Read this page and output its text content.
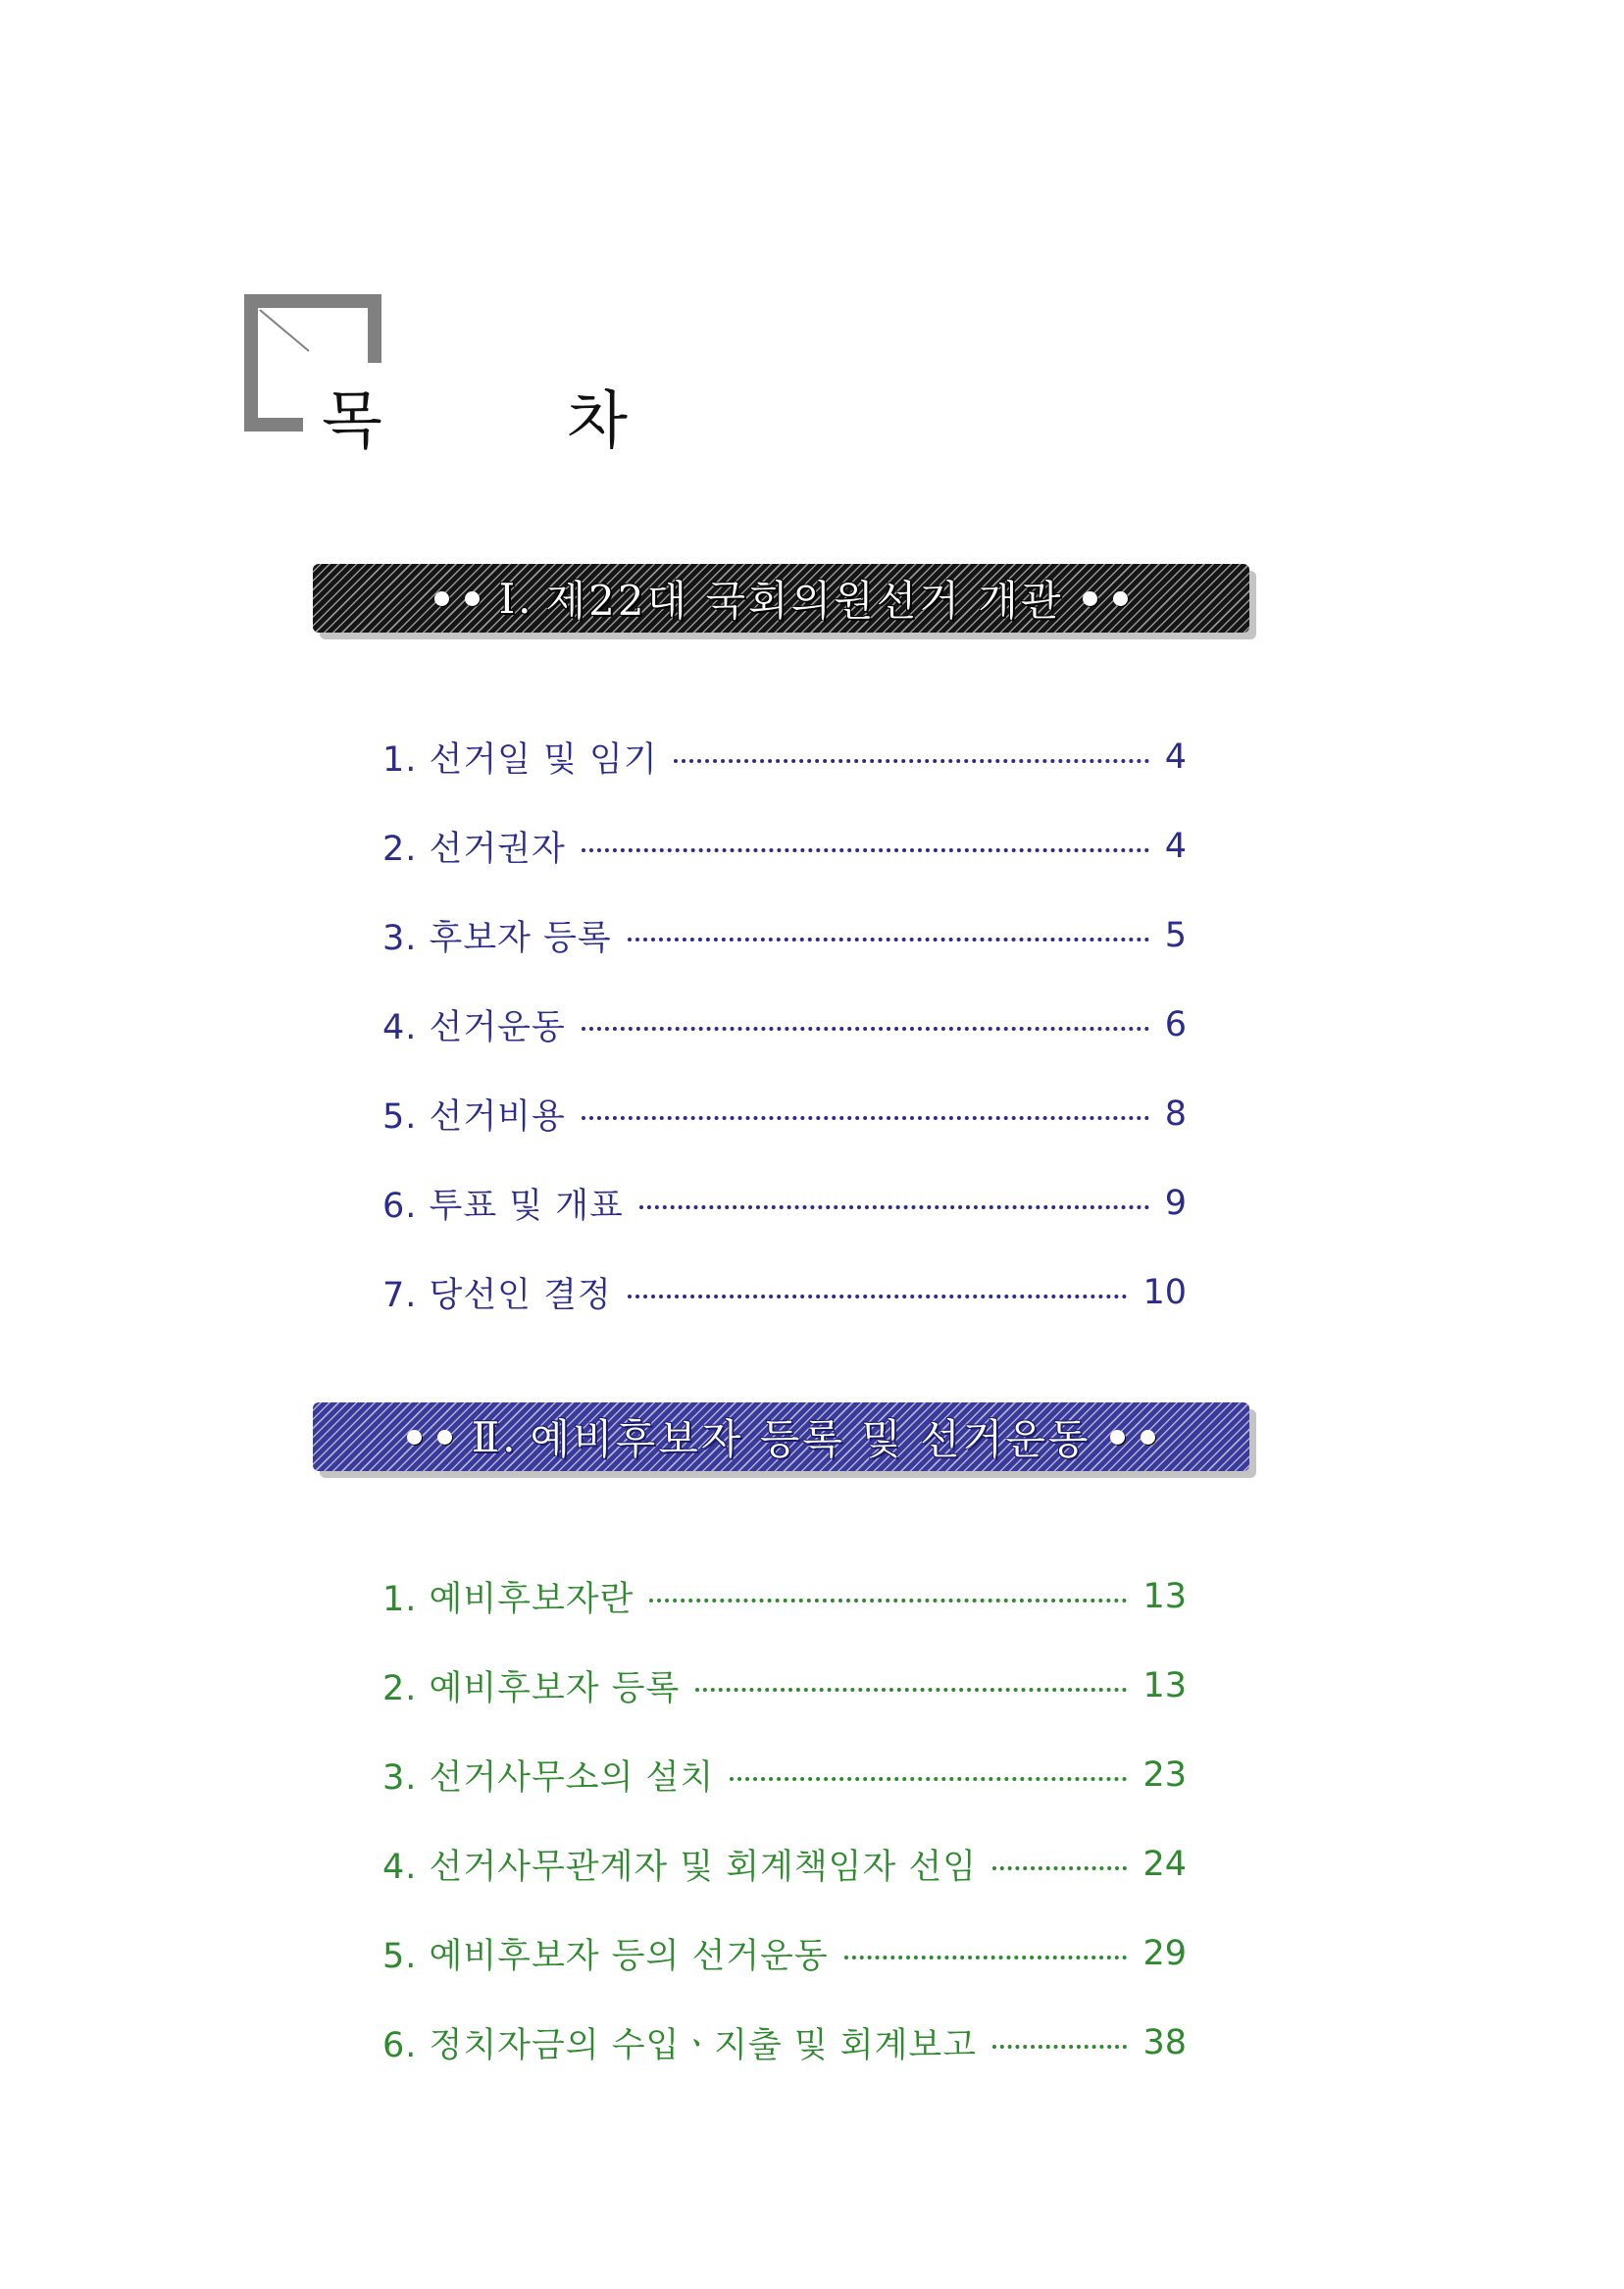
목 차
Ⅰ. 제22대 국회의원선거 개관
1. 선거일 및 임기	4
2. 선거권자	4
3. 후보자 등록	5
4. 선거운동	6
5. 선거비용	8
6. 투표 및 개표	9
7. 당선인 결정	10
Ⅱ. 예비후보자 등록 및 선거운동
1. 예비후보자란	13
2. 예비후보자 등록	13
3. 선거사무소의 설치	23
4. 선거사무관계자 및 회계책임자 선임	24
5. 예비후보자 등의 선거운동	29
6. 정치자금의 수입ㆍ지출 및 회계보고	38
